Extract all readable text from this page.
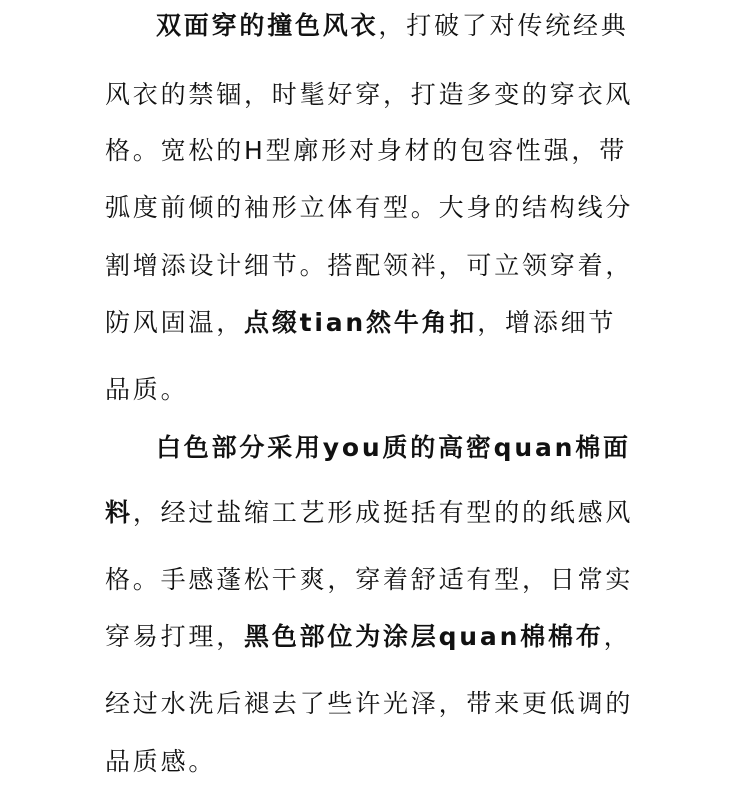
双面穿的撞色风衣，打破了对传统经典
风衣的禁锢，时髦好穿，打造多变的穿衣风
格。宽松的H型廓形对身材的包容性强，带
弧度前倾的袖形立体有型。大身的结构线分
割增添设计细节。搭配领袢，可立领穿着，
防风固温，点缀tian然牛角扣，增添细节
品质。
白色部分采用you质的高密quan棉面
料，经过盐缩工艺形成挺括有型的的纸感风
格。手感蓬松干爽，穿着舒适有型，日常实
穿易打理，黑色部位为涂层quan棉棉布，
经过水洗后褪去了些许光泽，带来更低调的
品质感。
